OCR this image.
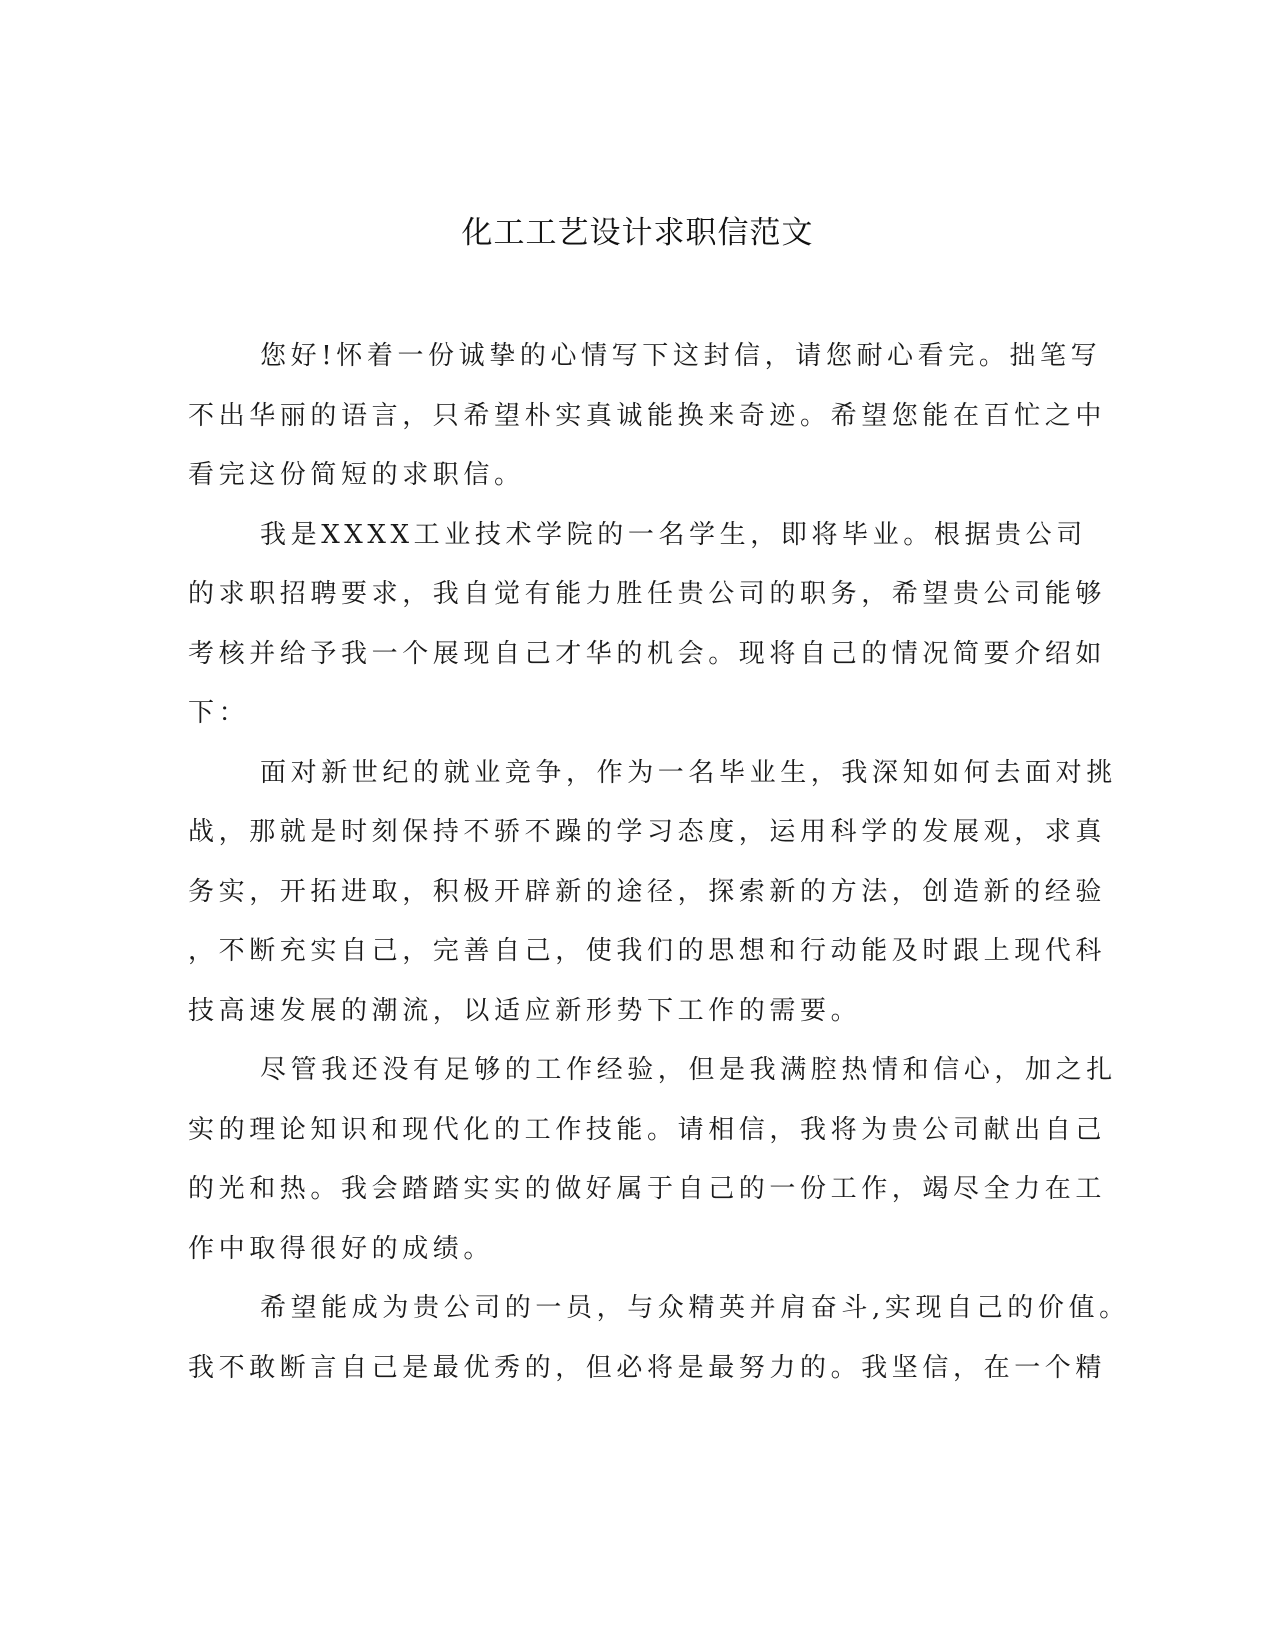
化工工艺设计求职信范文
您好!怀着一份诚挚的心情写下这封信，请您耐心看完。拙笔写
不出华丽的语言，只希望朴实真诚能换来奇迹。希望您能在百忙之中
看完这份简短的求职信。
我是XXXX工业技术学院的一名学生，即将毕业。根据贵公司
的求职招聘要求，我自觉有能力胜任贵公司的职务，希望贵公司能够
考核并给予我一个展现自己才华的机会。现将自己的情况简要介绍如
下：
面对新世纪的就业竞争，作为一名毕业生，我深知如何去面对挑
战，那就是时刻保持不骄不躁的学习态度，运用科学的发展观，求真
务实，开拓进取，积极开辟新的途径，探索新的方法，创造新的经验
，不断充实自己，完善自己，使我们的思想和行动能及时跟上现代科
技高速发展的潮流，以适应新形势下工作的需要。
尽管我还没有足够的工作经验，但是我满腔热情和信心，加之扎
实的理论知识和现代化的工作技能。请相信，我将为贵公司献出自己
的光和热。我会踏踏实实的做好属于自己的一份工作，竭尽全力在工
作中取得很好的成绩。
希望能成为贵公司的一员，与众精英并肩奋斗,实现自己的价值。
我不敢断言自己是最优秀的，但必将是最努力的。我坚信，在一个精
